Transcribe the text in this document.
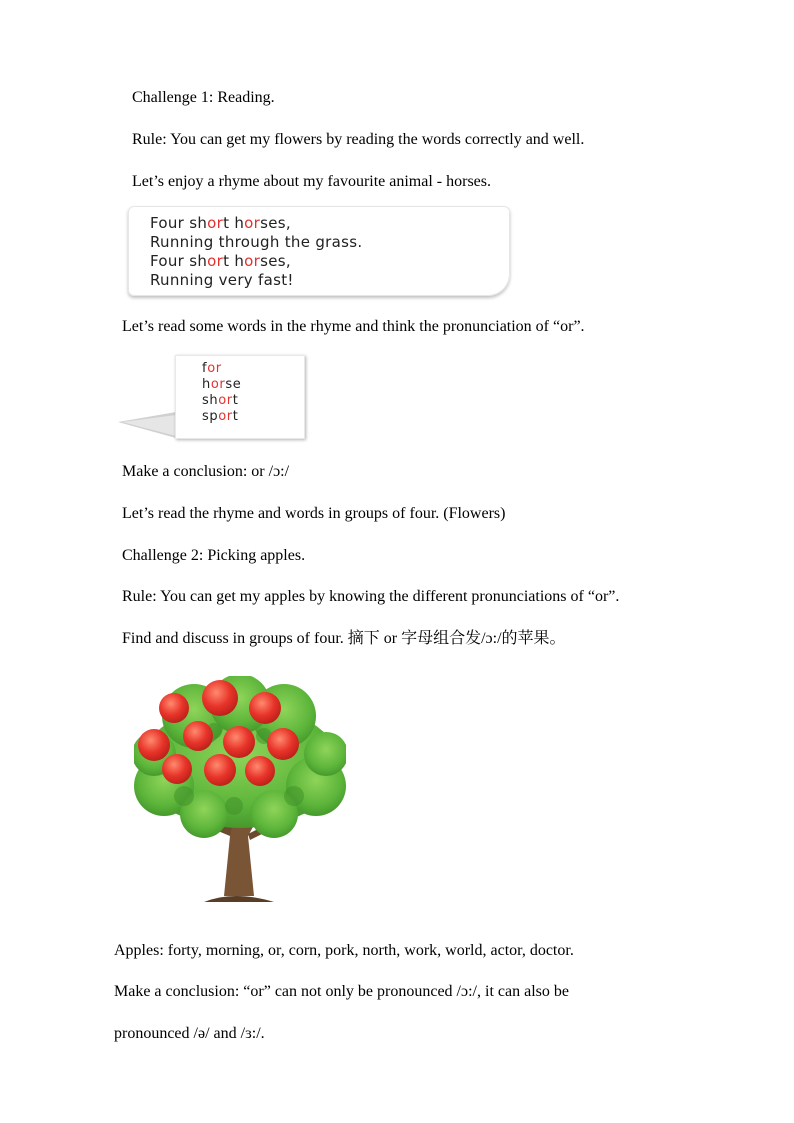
Challenge 1: Reading.
Rule: You can get my flowers by reading the words correctly and well.
Let’s enjoy a rhyme about my favourite animal - horses.
Four short horses,
Running through the grass.
Four short horses,
Running very fast!
Let’s read some words in the rhyme and think the pronunciation of “or”.
for
horse
short
sport
Make a conclusion: or /ɔ:/
Let’s read the rhyme and words in groups of four. (Flowers)
Challenge 2: Picking apples.
Rule: You can get my apples by knowing the different pronunciations of “or”.
Find and discuss in groups of four. 摘下 or 字母组合发/ɔ:/的苹果。
Apples: forty, morning, or, corn, pork, north, work, world, actor, doctor.
Make a conclusion: “or” can not only be pronounced /ɔ:/, it can also be
pronounced /ə/ and /ɜ:/.
